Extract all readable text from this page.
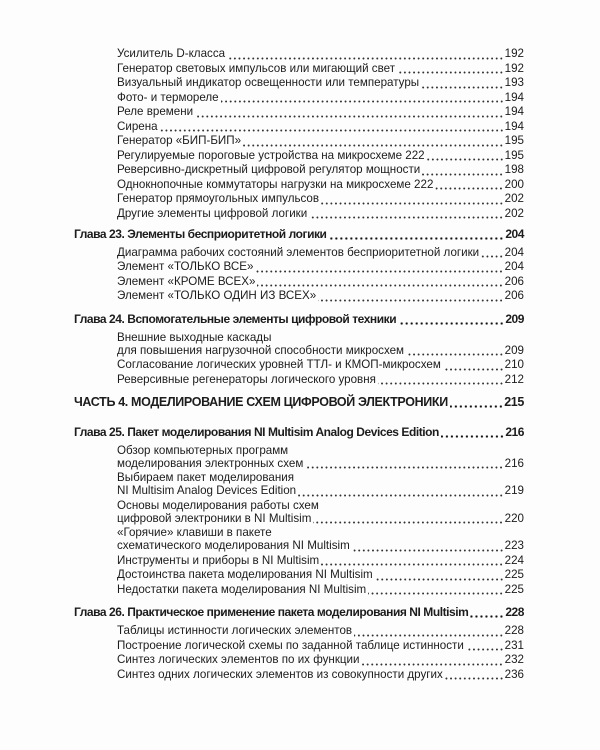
Усилитель D-класса	192
Генератор световых импульсов или мигающий свет	192
Визуальный индикатор освещенности или температуры	193
Фото- и термореле	194
Реле времени	194
Сирена	194
Генератор «БИП-БИП»	195
Регулируемые пороговые устройства на микросхеме 222	195
Реверсивно-дискретный цифровой регулятор мощности	198
Однокнопочные коммутаторы нагрузки на микросхеме 222	200
Генератор прямоугольных импульсов	202
Другие элементы цифровой логики	202
Глава 23. Элементы бесприоритетной логики	204
Диаграмма рабочих состояний элементов бесприоритетной логики 204
Элемент «ТОЛЬКО ВСЕ»	204
Элемент «КРОМЕ ВСЕХ»	206
Элемент «ТОЛЬКО ОДИН ИЗ ВСЕХ»	206
Глава 24. Вспомогательные элементы цифровой техники	209
Внешние выходные каскады
для повышения нагрузочной способности микросхем	209
Согласование логических уровней ТТЛ- и КМОП-микросхем	210
Реверсивные регенераторы логического уровня	212
ЧАСТЬ 4. МОДЕЛИРОВАНИЕ СХЕМ ЦИФРОВОЙ ЭЛЕКТРОНИКИ	215
Глава 25. Пакет моделирования NI Multisim Analog Devices Edition	216
Обзор компьютерных программ
моделирования электронных схем	216
Выбираем пакет моделирования
NI Multisim Analog Devices Edition	219
Основы моделирования работы схем
цифровой электроники в NI Multisim	220
«Горячие» клавиши в пакете
схематического моделирования NI Multisim	223
Инструменты и приборы в NI Multisim	224
Достоинства пакета моделирования NI Multisim	225
Недостатки пакета моделирования NI Multisim	225
Глава 26. Практическое применение пакета моделирования NI Multisim	228
Таблицы истинности логических элементов	228
Построение логической схемы по заданной таблице истинности	231
Синтез логических элементов по их функции	232
Синтез одних логических элементов из совокупности других	236
